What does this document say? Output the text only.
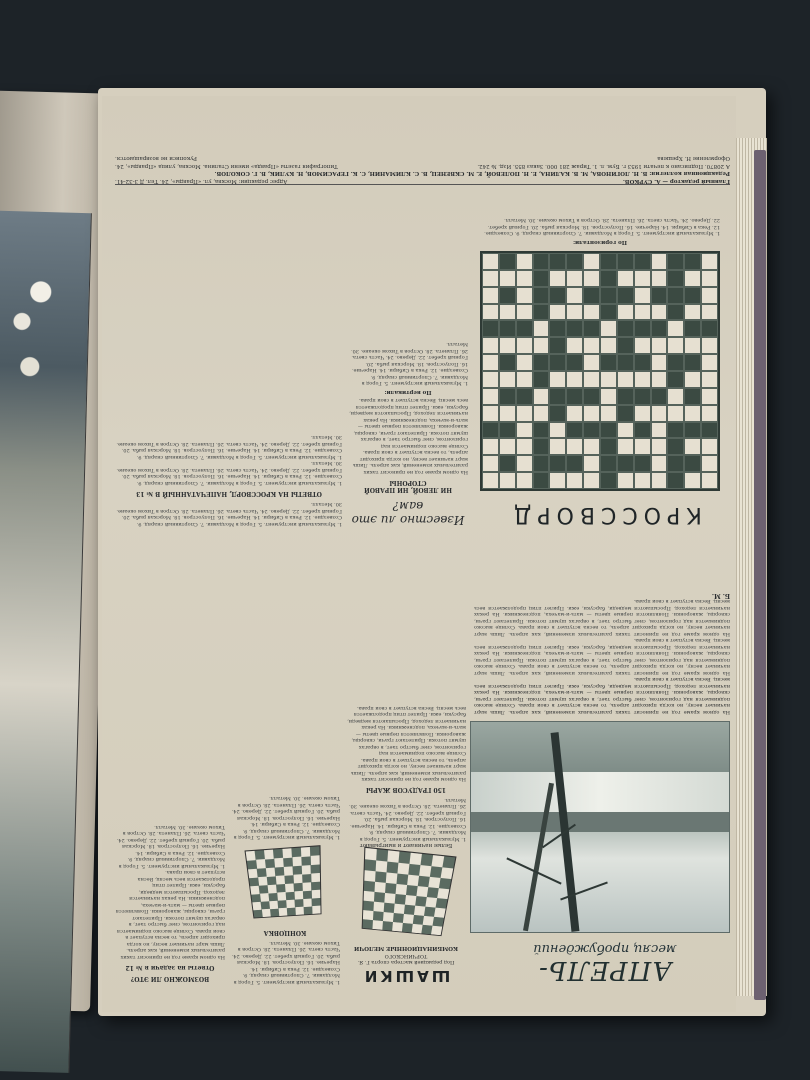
АПРЕЛЬ-
месяц пробуждений

На одном краме год не приносит таких разительных изменений, как апрель. Лишь март начинает весну, но когда приходит апрель, то весна вступает в свои права. Солнце высоко поднимается над горизонтом, снег быстро тает, в оврагах шумят потоки. Прилетают грачи, скворцы, жаворонки. Появляются первые цветы — мать-и-мачеха, подснежники. На реках начинается ледоход. Просыпаются медведи, барсуки, ежи. Прилет птиц продолжается весь месяц. Весна вступает в свои права.

На одном краме год не приносит таких разительных изменений, как апрель. Лишь март начинает весну, но когда приходит апрель, то весна вступает в свои права. Солнце высоко поднимается над горизонтом, снег быстро тает, в оврагах шумят потоки. Прилетают грачи, скворцы, жаворонки. Появляются первые цветы — мать-и-мачеха, подснежники. На реках начинается ледоход. Просыпаются медведи, барсуки, ежи. Прилет птиц продолжается весь месяц. Весна вступает в свои права.

На одном краме год не приносит таких разительных изменений, как апрель. Лишь март начинает весну, но когда приходит апрель, то весна вступает в свои права. Солнце высоко поднимается над горизонтом, снег быстро тает, в оврагах шумят потоки. Прилетают грачи, скворцы, жаворонки. Появляются первые цветы — мать-и-мачеха, подснежники. На реках начинается ледоход. Просыпаются медведи, барсуки, ежи. Прилет птиц продолжается весь месяц. Весна вступает в свои права.

Б. М.

ШАШКИ
Под редакцией мастера спорта Г. Я. ТОРЧИНСКОГО
КОМБИНАЦИОННЫЕ МЕЛОЧИ
Белые начинают и выигрывают

1. Музыкальный инструмент. 5. Город в Молдавии. 7. Спортивный снаряд. 9. Созвездие. 12. Река в Сибири. 14. Наречие. 16. Полуостров. 18. Морская рыба. 20. Горный хребет. 22. Дерево. 24. Часть света. 26. Планета. 28. Остров в Тихом океане. 30. Металл.

150 ГРАДУСОВ ЖАРЫ

На одном краме год не приносит таких разительных изменений, как апрель. Лишь март начинает весну, но когда приходит апрель, то весна вступает в свои права. Солнце высоко поднимается над горизонтом, снег быстро тает, в оврагах шумят потоки. Прилетают грачи, скворцы, жаворонки. Появляются первые цветы — мать-и-мачеха, подснежники. На реках начинается ледоход. Просыпаются медведи, барсуки, ежи. Прилет птиц продолжается весь месяц. Весна вступает в свои права.

1. Музыкальный инструмент. 5. Город в Молдавии. 7. Спортивный снаряд. 9. Созвездие. 12. Река в Сибири. 14. Наречие. 16. Полуостров. 18. Морская рыба. 20. Горный хребет. 22. Дерево. 24. Часть света. 26. Планета. 28. Остров в Тихом океане. 30. Металл.

КОНЦОВКА

1. Музыкальный инструмент. 5. Город в Молдавии. 7. Спортивный снаряд. 9. Созвездие. 12. Река в Сибири. 14. Наречие. 16. Полуостров. 18. Морская рыба. 20. Горный хребет. 22. Дерево. 24. Часть света. 26. Планета. 28. Остров в Тихом океане. 30. Металл.

ВОЗМОЖНО ЛИ ЭТО?
Ответы на задачи в № 12

На одном краме год не приносит таких разительных изменений, как апрель. Лишь март начинает весну, но когда приходит апрель, то весна вступает в свои права. Солнце высоко поднимается над горизонтом, снег быстро тает, в оврагах шумят потоки. Прилетают грачи, скворцы, жаворонки. Появляются первые цветы — мать-и-мачеха, подснежники. На реках начинается ледоход. Просыпаются медведи, барсуки, ежи. Прилет птиц продолжается весь месяц. Весна вступает в свои права.

1. Музыкальный инструмент. 5. Город в Молдавии. 7. Спортивный снаряд. 9. Созвездие. 12. Река в Сибири. 14. Наречие. 16. Полуостров. 18. Морская рыба. 20. Горный хребет. 22. Дерево. 24. Часть света. 26. Планета. 28. Остров в Тихом океане. 30. Металл.

КРОССВОРД
По горизонтали:

1. Музыкальный инструмент. 5. Город в Молдавии. 7. Спортивный снаряд. 9. Созвездие. 12. Река в Сибири. 14. Наречие. 16. Полуостров. 18. Морская рыба. 20. Горный хребет. 22. Дерево. 24. Часть света. 26. Планета. 28. Остров в Тихом океане. 30. Металл.

Известно ли это вам?
НИ ЛЕВОЙ, НИ ПРАВОЙ СТОРОНЫ

На одном краме год не приносит таких разительных изменений, как апрель. Лишь март начинает весну, но когда приходит апрель, то весна вступает в свои права. Солнце высоко поднимается над горизонтом, снег быстро тает, в оврагах шумят потоки. Прилетают грачи, скворцы, жаворонки. Появляются первые цветы — мать-и-мачеха, подснежники. На реках начинается ледоход. Просыпаются медведи, барсуки, ежи. Прилет птиц продолжается весь месяц. Весна вступает в свои права.

По вертикали:

1. Музыкальный инструмент. 5. Город в Молдавии. 7. Спортивный снаряд. 9. Созвездие. 12. Река в Сибири. 14. Наречие. 16. Полуостров. 18. Морская рыба. 20. Горный хребет. 22. Дерево. 24. Часть света. 26. Планета. 28. Остров в Тихом океане. 30. Металл.

1. Музыкальный инструмент. 5. Город в Молдавии. 7. Спортивный снаряд. 9. Созвездие. 12. Река в Сибири. 14. Наречие. 16. Полуостров. 18. Морская рыба. 20. Горный хребет. 22. Дерево. 24. Часть света. 26. Планета. 28. Остров в Тихом океане. 30. Металл.

ОТВЕТЫ НА КРОССВОРД, НАПЕЧАТАННЫЙ В № 13

1. Музыкальный инструмент. 5. Город в Молдавии. 7. Спортивный снаряд. 9. Созвездие. 12. Река в Сибири. 14. Наречие. 16. Полуостров. 18. Морская рыба. 20. Горный хребет. 22. Дерево. 24. Часть света. 26. Планета. 28. Остров в Тихом океане. 30. Металл.

1. Музыкальный инструмент. 5. Город в Молдавии. 7. Спортивный снаряд. 9. Созвездие. 12. Река в Сибири. 14. Наречие. 16. Полуостров. 18. Морская рыба. 20. Горный хребет. 22. Дерево. 24. Часть света. 26. Планета. 28. Остров в Тихом океане. 30. Металл.

Главный редактор — А. СУРКОВ.
Адрес редакции: Москва, ул. «Правды», 24. Тел. Д 3-32-41.
Редакционная коллегия: В. Н. ЛОГИНОВА, М. В. КАЛИНА, Е. Н. ПОЛЕВОЙ, Е. М. СКВЕНЕЦ, В. С. КЛИМАНИН, С. К. ГЕРАСИМОВ, Н. КУЛИК, В. Г. СОКОЛОВ.
А 20870. Подписано к печати 1953 г. Бум. л. 1. Тираж 281 000. Заказ 855. Изд. № 242.
Типография газеты «Правда» имени Сталина. Москва, улица «Правды», 24.
Оформление Н. Хрешева
Рукописи не возвращаются.
